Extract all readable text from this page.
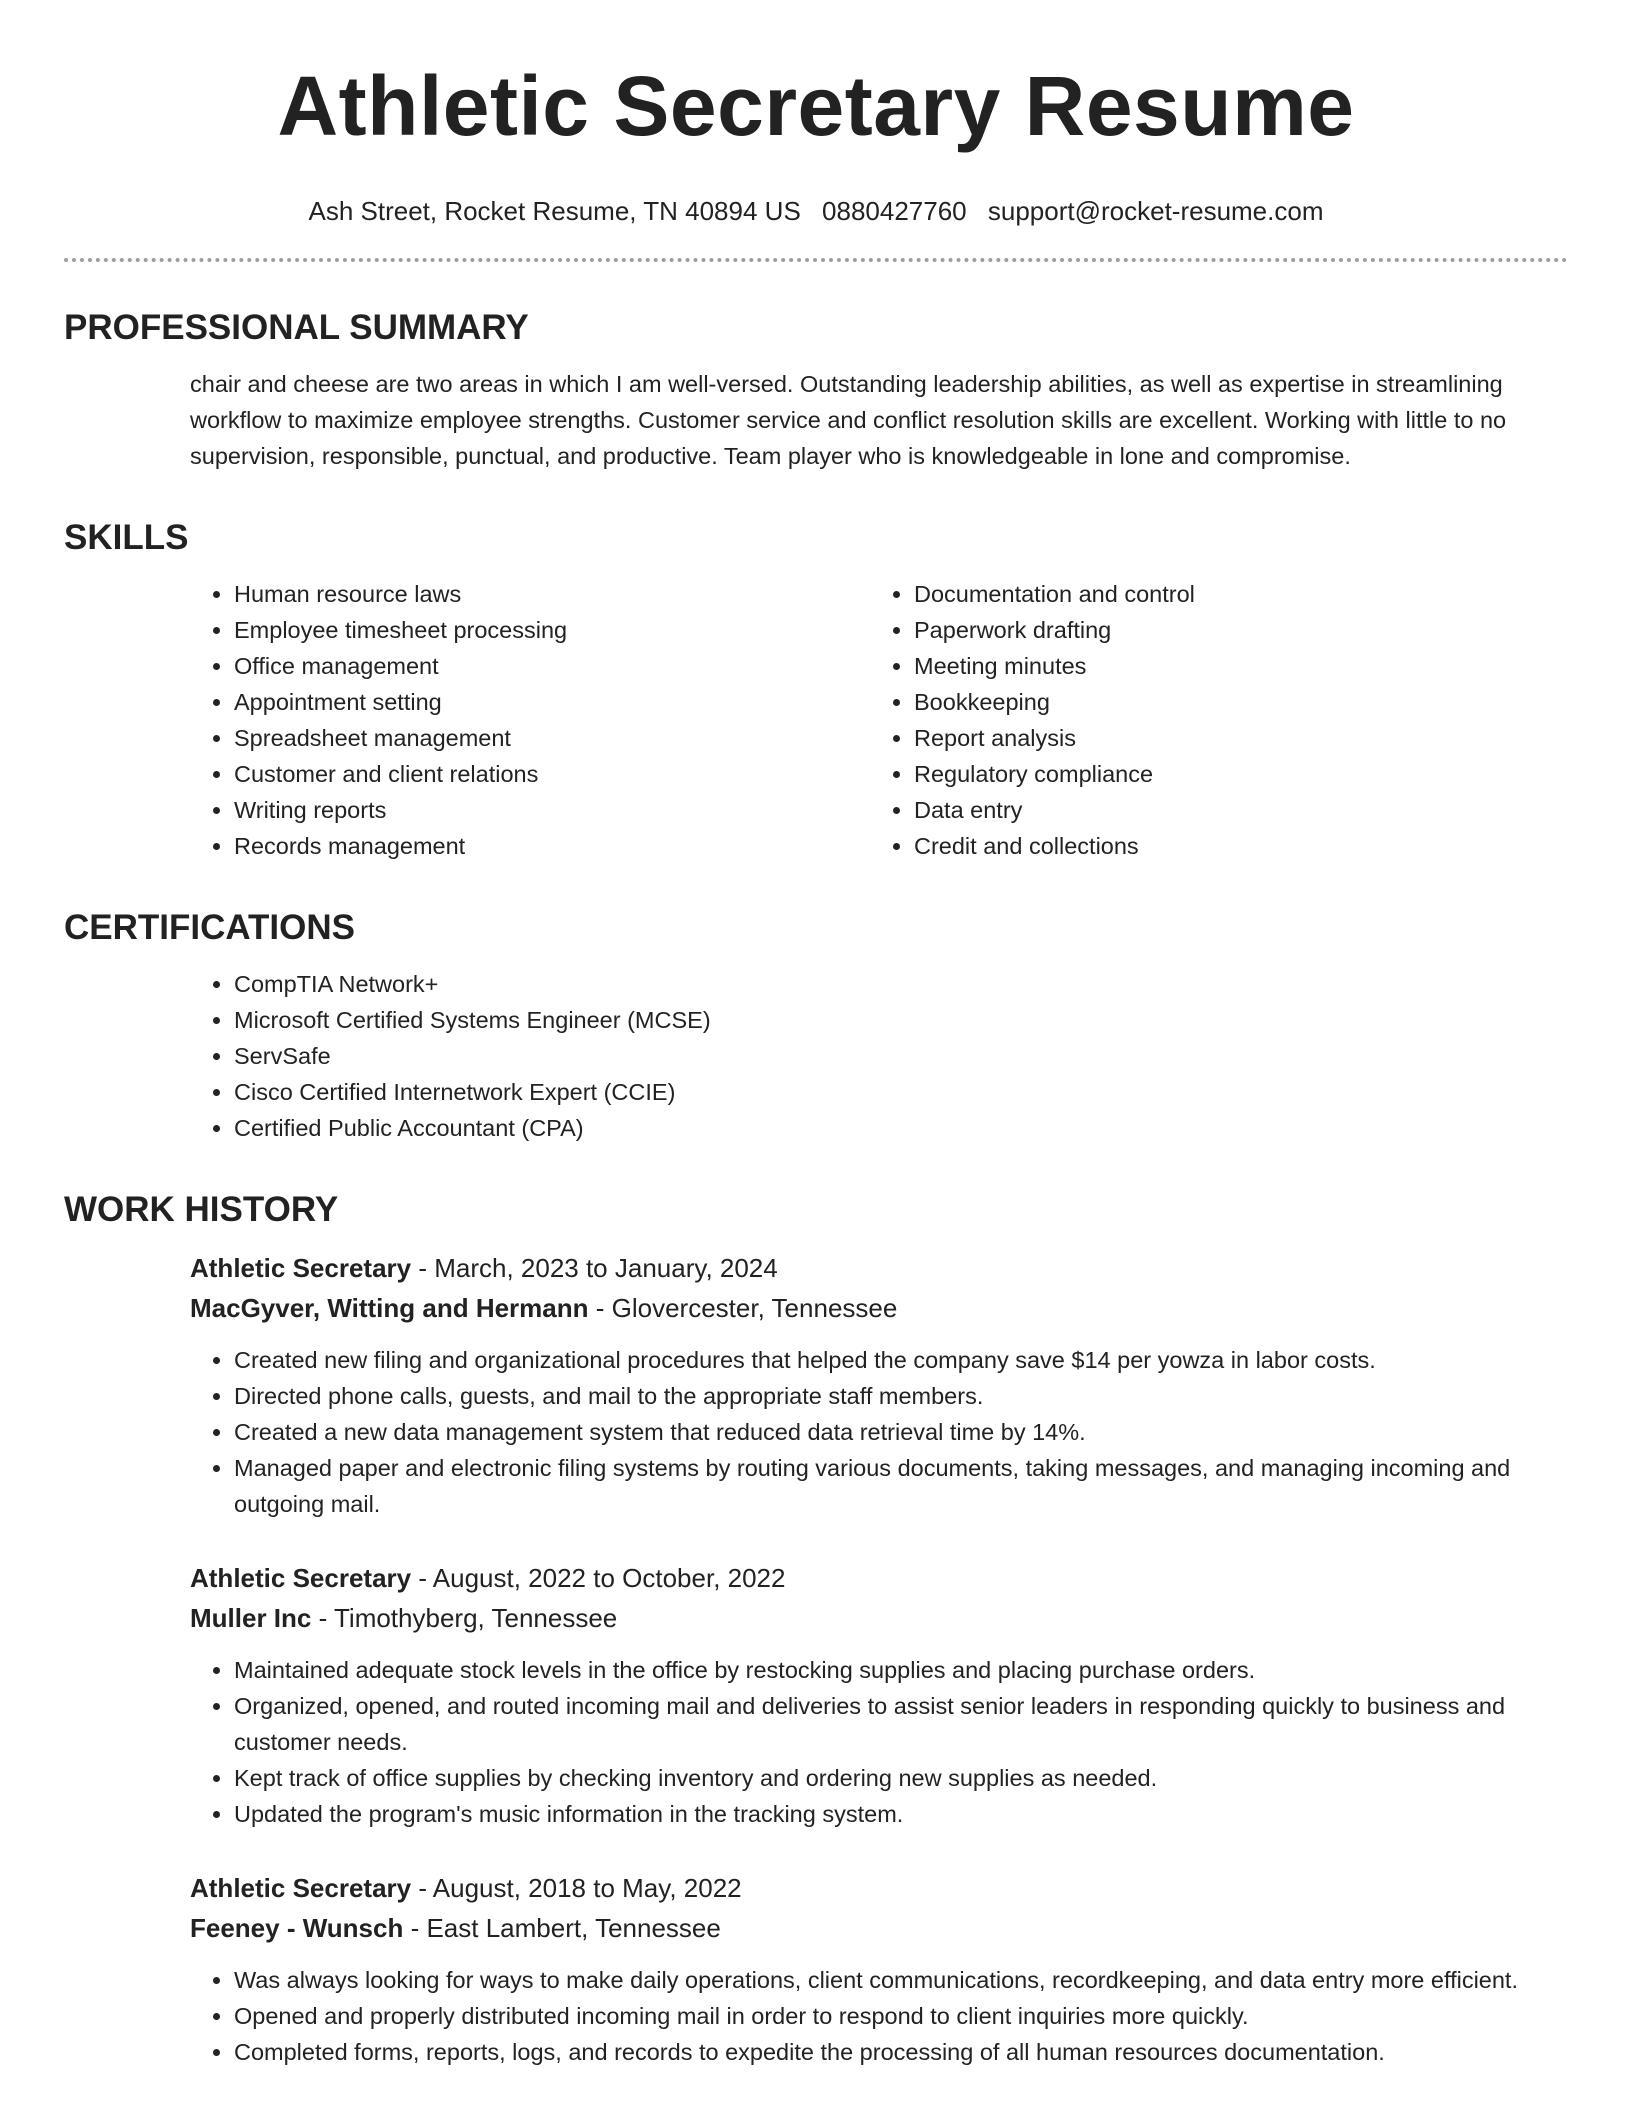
Athletic Secretary Resume
Ash Street, Rocket Resume, TN 40894 US 0880427760 support@rocket-resume.com
PROFESSIONAL SUMMARY

chair and cheese are two areas in which I am well-versed. Outstanding leadership abilities, as well as expertise in streamlining workflow to maximize employee strengths. Customer service and conflict resolution skills are excellent. Working with little to no supervision, responsible, punctual, and productive. Team player who is knowledgeable in lone and compromise.

SKILLS
• Human resource laws
• Employee timesheet processing
• Office management
• Appointment setting
• Spreadsheet management
• Customer and client relations
• Writing reports
• Records management
• Documentation and control
• Paperwork drafting
• Meeting minutes
• Bookkeeping
• Report analysis
• Regulatory compliance
• Data entry
• Credit and collections
CERTIFICATIONS
• CompTIA Network+
• Microsoft Certified Systems Engineer (MCSE)
• ServSafe
• Cisco Certified Internetwork Expert (CCIE)
• Certified Public Accountant (CPA)
WORK HISTORY
Athletic Secretary - March, 2023 to January, 2024
MacGyver, Witting and Hermann - Glovercester, Tennessee
• Created new filing and organizational procedures that helped the company save $14 per yowza in labor costs.
• Directed phone calls, guests, and mail to the appropriate staff members.
• Created a new data management system that reduced data retrieval time by 14%.
• Managed paper and electronic filing systems by routing various documents, taking messages, and managing incoming and outgoing mail.
Athletic Secretary - August, 2022 to October, 2022
Muller Inc - Timothyberg, Tennessee
• Maintained adequate stock levels in the office by restocking supplies and placing purchase orders.
• Organized, opened, and routed incoming mail and deliveries to assist senior leaders in responding quickly to business and customer needs.
• Kept track of office supplies by checking inventory and ordering new supplies as needed.
• Updated the program's music information in the tracking system.
Athletic Secretary - August, 2018 to May, 2022
Feeney - Wunsch - East Lambert, Tennessee
• Was always looking for ways to make daily operations, client communications, recordkeeping, and data entry more efficient.
• Opened and properly distributed incoming mail in order to respond to client inquiries more quickly.
• Completed forms, reports, logs, and records to expedite the processing of all human resources documentation.
